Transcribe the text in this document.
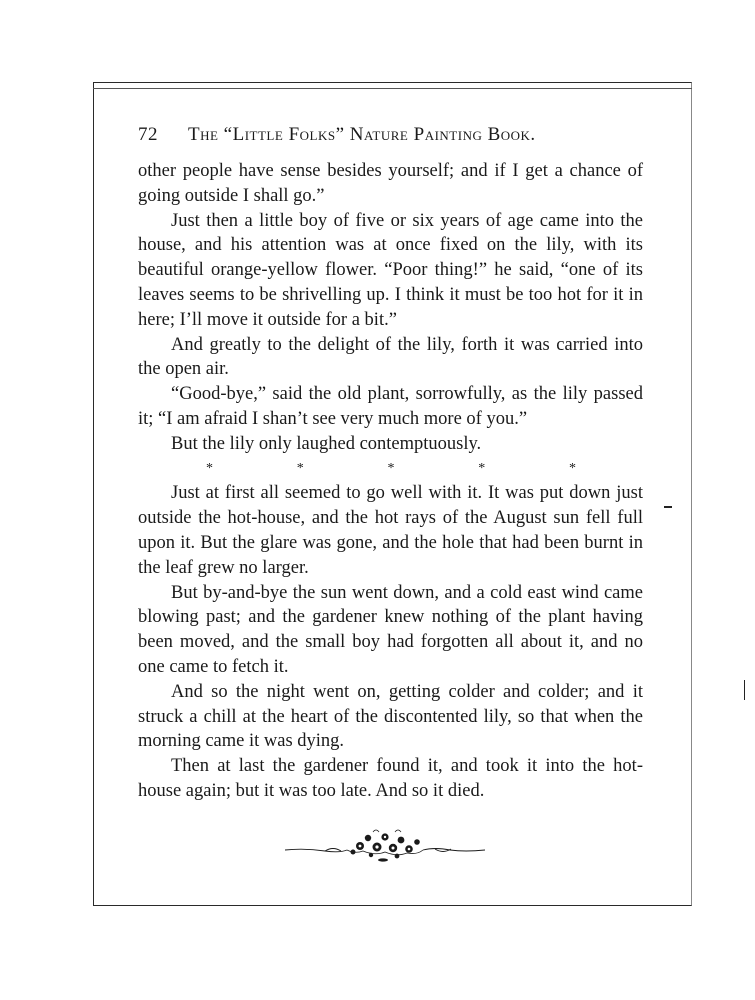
72 The “Little Folks” Nature Painting Book.

other people have sense besides yourself; and if I get a chance of going outside I shall go.”

Just then a little boy of five or six years of age came into the house, and his attention was at once fixed on the lily, with its beautiful orange-yellow flower. “Poor thing!” he said, “one of its leaves seems to be shrivelling up. I think it must be too hot for it in here; I’ll move it outside for a bit.”

And greatly to the delight of the lily, forth it was carried into the open air.

“Good-bye,” said the old plant, sorrowfully, as the lily passed it; “I am afraid I shan’t see very much more of you.”

But the lily only laughed contemptuously.

*	*	*	*	*

Just at first all seemed to go well with it. It was put down just outside the hot-house, and the hot rays of the August sun fell full upon it. But the glare was gone, and the hole that had been burnt in the leaf grew no larger.

But by-and-bye the sun went down, and a cold east wind came blowing past; and the gardener knew nothing of the plant having been moved, and the small boy had forgotten all about it, and no one came to fetch it.

And so the night went on, getting colder and colder; and it struck a chill at the heart of the discontented lily, so that when the morning came it was dying.

Then at last the gardener found it, and took it into the hot-house again; but it was too late. And so it died.
